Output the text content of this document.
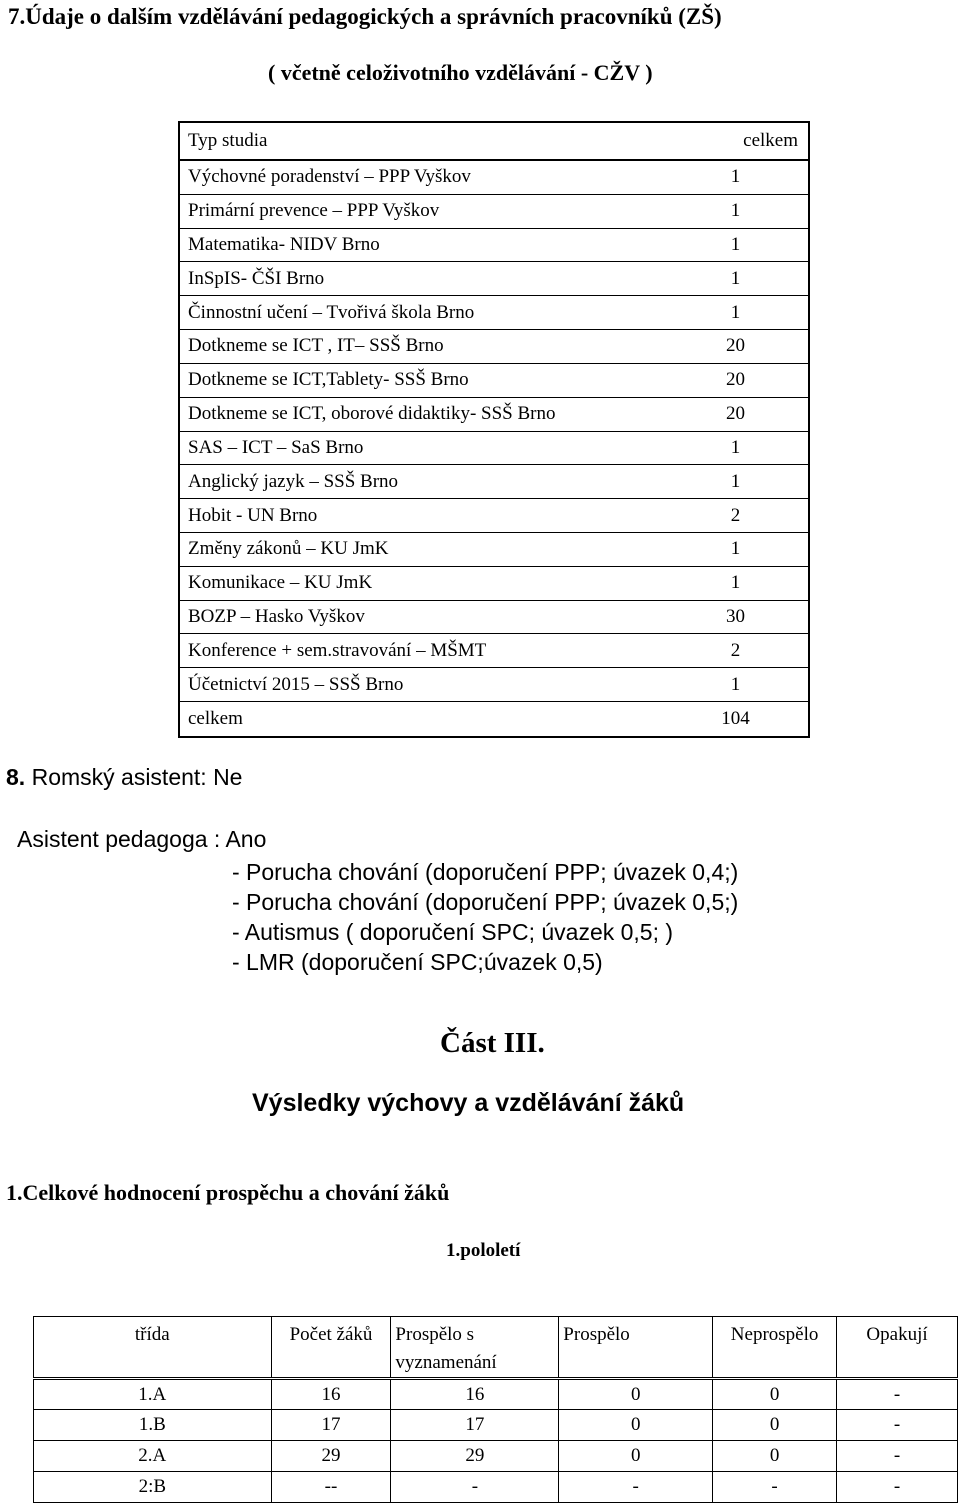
7.Údaje o dalším vzdělávání pedagogických a správních pracovníků (ZŠ)
( včetně celoživotního vzdělávání - CŽV )
Typ studia	celkem
Výchovné poradenství – PPP Vyškov	1
Primární prevence – PPP Vyškov	1
Matematika- NIDV Brno	1
InSpIS- ČŠI Brno	1
Činnostní učení – Tvořivá škola Brno	1
Dotkneme se ICT , IT– SSŠ Brno	20
Dotkneme se ICT,Tablety- SSŠ Brno	20
Dotkneme se ICT, oborové didaktiky- SSŠ Brno	20
SAS – ICT – SaS Brno	1
Anglický jazyk – SSŠ Brno	1
Hobit - UN Brno	2
Změny zákonů – KU JmK	1
Komunikace – KU JmK	1
BOZP – Hasko Vyškov	30
Konference + sem.stravování – MŠMT	2
Účetnictví 2015 – SSŠ Brno	1
celkem	104
8. Romský asistent: Ne
Asistent pedagoga : Ano
- Porucha chování (doporučení PPP; úvazek 0,4;)
- Porucha chování (doporučení PPP; úvazek 0,5;)
- Autismus ( doporučení SPC; úvazek 0,5; )
- LMR (doporučení SPC;úvazek 0,5)
Část III.
Výsledky výchovy a vzdělávání žáků
1.Celkové hodnocení prospěchu a chování žáků
1.pololetí
třída	Počet žáků	Prospělo s vyznamenání	Prospělo	Neprospělo	Opakují
1.A	16	16	0	0	-
1.B	17	17	0	0	-
2.A	29	29	0	0	-
2:B	--	-	-	-	-
